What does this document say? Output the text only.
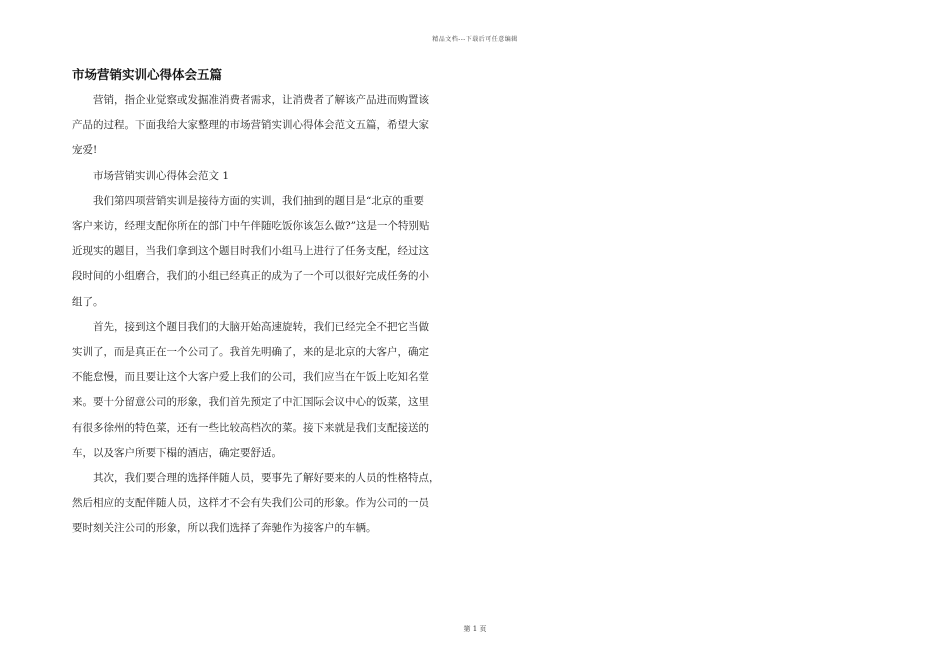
精品文档---下载后可任意编辑
市场营销实训心得体会五篇

营销，指企业觉察或发掘准消费者需求，让消费者了解该产品进而购置该
产品的过程。下面我给大家整理的市场营销实训心得体会范文五篇，希望大家
宠爱!

市场营销实训心得体会范文 1

我们第四项营销实训是接待方面的实训，我们抽到的题目是“北京的重要
客户来访，经理支配你所在的部门中午伴随吃饭你该怎么做?”这是一个特别贴
近现实的题目，当我们拿到这个题目时我们小组马上进行了任务支配，经过这
段时间的小组磨合，我们的小组已经真正的成为了一个可以很好完成任务的小
组了。

首先，接到这个题目我们的大脑开始高速旋转，我们已经完全不把它当做
实训了，而是真正在一个公司了。我首先明确了，来的是北京的大客户，确定
不能怠慢，而且要让这个大客户爱上我们的公司，我们应当在午饭上吃知名堂
来。要十分留意公司的形象，我们首先预定了中汇国际会议中心的饭菜，这里
有很多徐州的特色菜，还有一些比较高档次的菜。接下来就是我们支配接送的
车，以及客户所要下榻的酒店，确定要舒适。

其次，我们要合理的选择伴随人员，要事先了解好要来的人员的性格特点，
然后相应的支配伴随人员，这样才不会有失我们公司的形象。作为公司的一员
要时刻关注公司的形象，所以我们选择了奔驰作为接客户的车辆。

第 1 页
